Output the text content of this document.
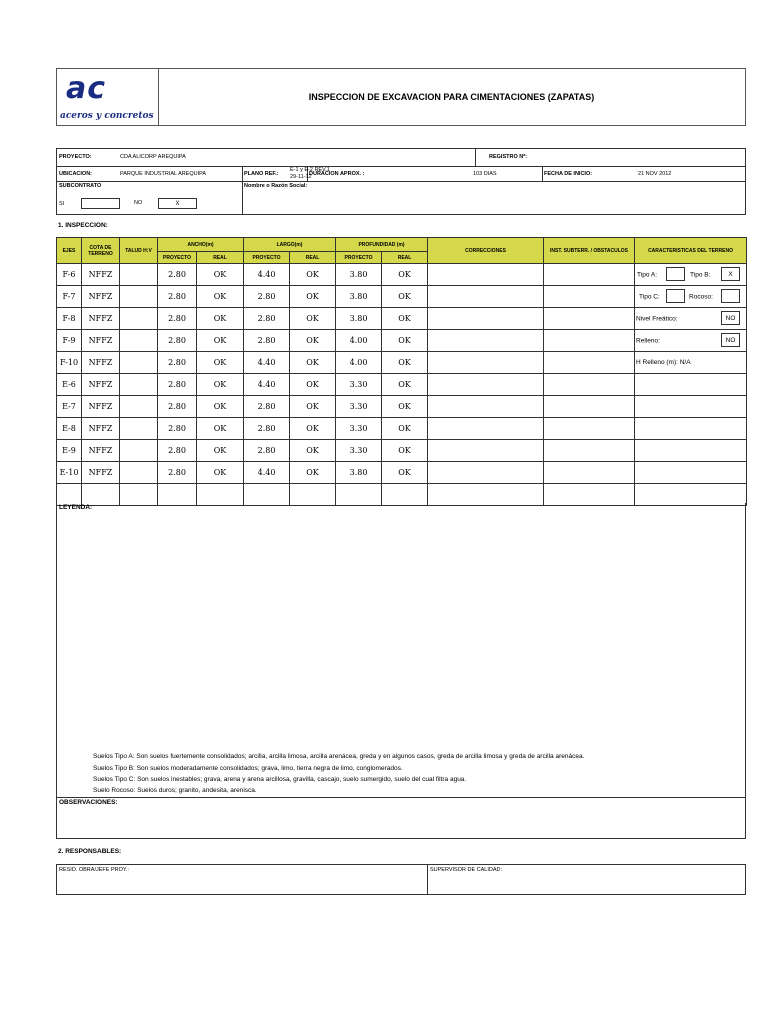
ac
aceros y concretos
INSPECCION DE EXCAVACION PARA CIMENTACIONES (ZAPATAS)
PROYECTO:	CDA ALICORP AREQUIPA	REGISTRO Nº:
UBICACION:	PARQUE INDUSTRIAL AREQUIPA	PLANO REF.:
E-1 y E-2 REV.1
29-11-12
DURACION APROX. :	103 DIAS	FECHA DE INICIO:	21 NOV 2012
SUBCONTRATO
SI	NO	X
Nombre o Razón Social:
1. INSPECCION:
EJES	COTA DE TERRENO	TALUD H:V	ANCHO(m)		LARGO(m)		PROFUNDIDAD (m)		CORRECCIONES	INST. SUBTERR. / OBSTACULOS	CARACTERISTICAS DEL TERRENO
			PROYECTO	REAL	PROYECTO	REAL	PROYECTO	REAL			
F-6	NFFZ		2.80	OK	4.40	OK	3.80	OK			Tipo A: Tipo B: X

F-7	NFFZ		2.80	OK	2.80	OK	3.80	OK			Tipo C: Rocoso:

F-8	NFFZ		2.80	OK	2.80	OK	3.80	OK			Nivel Freático: NO

F-9	NFFZ		2.80	OK	2.80	OK	4.00	OK			Relleno: NO

F-10	NFFZ		2.80	OK	4.40	OK	4.00	OK			H Relleno (m): N/A

E-6	NFFZ		2.80	OK	4.40	OK	3.30	OK			
E-7	NFFZ		2.80	OK	2.80	OK	3.30	OK			
E-8	NFFZ		2.80	OK	2.80	OK	3.30	OK			
E-9	NFFZ		2.80	OK	2.80	OK	3.30	OK			
E-10	NFFZ		2.80	OK	4.40	OK	3.80	OK			

LEYENDA:
Suelos Tipo A: Son suelos fuertemente consolidados; arcilla, arcilla limosa, arcilla arenácea, greda y en algunos casos, greda de arcilla limosa y greda de arcilla arenácea.
Suelos Tipo B: Son suelos moderadamente consolidados; grava, limo, tierra negra de limo, conglomerados.
Suelos Tipo C: Son suelos inestables; grava, arena y arena arcillosa, gravilla, cascajo, suelo sumergido, suelo del cual filtra agua.
Suelo Rocoso: Suelos duros; granito, andesita, arenisca.
OBSERVACIONES:
2. RESPONSABLES:
RESID. OBRA/JEFE PROY.:	SUPERVISOR DE CALIDAD:
